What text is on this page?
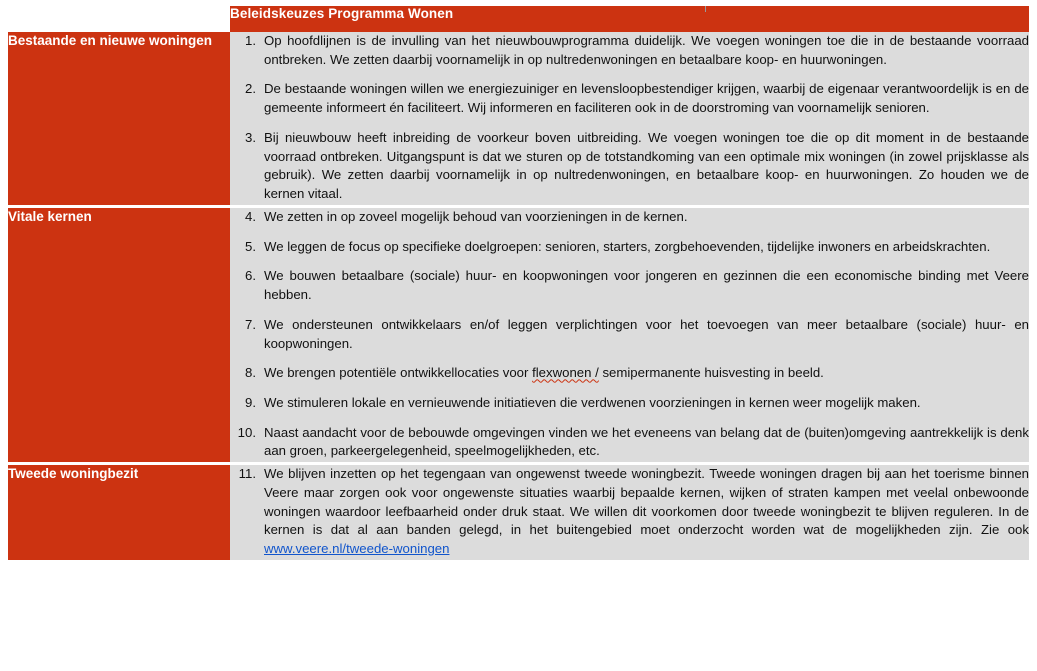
	Beleidskeuzes Programma Wonen
Bestaande en nieuwe woningen	1. Op hoofdlijnen is de invulling van het nieuwbouwprogramma duidelijk. We voegen woningen toe die in de bestaande voorraad ontbreken. We zetten daarbij voornamelijk in op nultredenwoningen en betaalbare koop- en huurwoningen.
2. De bestaande woningen willen we energiezuiniger en levensloopbestendiger krijgen, waarbij de eigenaar verantwoordelijk is en de gemeente informeert én faciliteert. Wij informeren en faciliteren ook in de doorstroming van voornamelijk senioren.
3. Bij nieuwbouw heeft inbreiding de voorkeur boven uitbreiding. We voegen woningen toe die op dit moment in de bestaande voorraad ontbreken. Uitgangspunt is dat we sturen op de totstandkoming van een optimale mix woningen (in zowel prijsklasse als gebruik). We zetten daarbij voornamelijk in op nultredenwoningen, en betaalbare koop- en huurwoningen. Zo houden we de kernen vitaal.

Vitale kernen	4. We zetten in op zoveel mogelijk behoud van voorzieningen in de kernen.
5. We leggen de focus op specifieke doelgroepen: senioren, starters, zorgbehoevenden, tijdelijke inwoners en arbeidskrachten.
6. We bouwen betaalbare (sociale) huur- en koopwoningen voor jongeren en gezinnen die een economische binding met Veere hebben.
7. We ondersteunen ontwikkelaars en/of leggen verplichtingen voor het toevoegen van meer betaalbare (sociale) huur- en koopwoningen.
8. We brengen potentiële ontwikkellocaties voor flexwonen / semipermanente huisvesting in beeld.
9. We stimuleren lokale en vernieuwende initiatieven die verdwenen voorzieningen in kernen weer mogelijk maken.
10. Naast aandacht voor de bebouwde omgevingen vinden we het eveneens van belang dat de (buiten)omgeving aantrekkelijk is denk aan groen, parkeergelegenheid, speelmogelijkheden, etc.

Tweede woningbezit	11. We blijven inzetten op het tegengaan van ongewenst tweede woningbezit. Tweede woningen dragen bij aan het toerisme binnen Veere maar zorgen ook voor ongewenste situaties waarbij bepaalde kernen, wijken of straten kampen met veelal onbewoonde woningen waardoor leefbaarheid onder druk staat. We willen dit voorkomen door tweede woningbezit te blijven reguleren. In de kernen is dat al aan banden gelegd, in het buitengebied moet onderzocht worden wat de mogelijkheden zijn. Zie ook www.veere.nl/tweede-woningen
